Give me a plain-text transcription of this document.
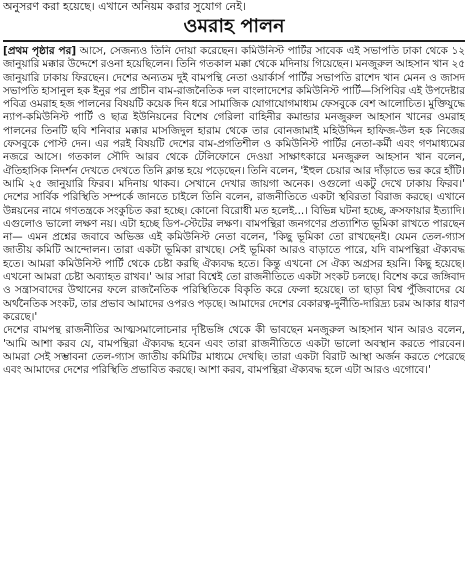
অনুসরণ করা হয়েছে। এখানে অনিয়ম করার সুযোগ নেই।
ওমরাহ পালন

[প্রথম পৃষ্ঠার পর] আসে, সেজন্যও তিনি দোয়া করেছেন। কমিউনিস্ট পার্টির সাবেক এই সভাপতি ঢাকা থেকে ১২ জানুয়ারি মক্কার উদ্দেশে রওনা হয়েছিলেন। তিনি গতকাল মক্কা থেকে মদিনায় গিয়েছেন। মনজুরুল আহসান খান ২৫ জানুয়ারি ঢাকায় ফিরছেন। দেশের অন্যতম দুই বামপন্থি নেতা ওয়ার্কার্স পার্টির সভাপতি রাশেদ খান মেনন ও জাসদ সভাপতি হাসানুল হক ইনুর পর প্রাচীন বাম-রাজনৈতিক দল বাংলাদেশের কমিউনিস্ট পার্টি—সিপিবির এই উপদেষ্টার পবিত্র ওমরাহ হজ পালনের বিষয়টি কয়েক দিন ধরে সামাজিক যোগাযোগমাধ্যম ফেসবুকে বেশ আলোচিত। মুক্তিযুদ্ধে ন্যাপ-কমিউনিস্ট পার্টি ও ছাত্র ইউনিয়নের বিশেষ গেরিলা বাহিনীর কমান্ডার মনজুরুল আহসান খানের ওমরাহ পালনের তিনটি ছবি শনিবার মক্কার মাসজিদুল হারাম থেকে তার বোনজামাই মহিউদ্দিন হাফিজ-উল হক নিজের ফেসবুকে পোস্ট দেন। এর পরই বিষয়টি দেশের বাম-প্রগতিশীল ও কমিউনিস্ট পার্টির নেতা-কর্মী এবং গণমাধ্যমের নজরে আসে। গতকাল সৌদি আরব থেকে টেলিফোনে দেওয়া সাক্ষাৎকারে মনজুরুল আহসান খান বলেন, ঐতিহাসিক নিদর্শন দেখতে দেখতে তিনি ক্লান্ত হয়ে পড়েছেন। তিনি বলেন, 'ইহুল চেয়ার আর দাঁড়াতে ভর করে হাঁটি। আমি ২৫ জানুয়ারি ফিরব। মদিনায় থাকব। সেখানে দেখার জায়গা অনেক। ওগুলো একটু দেখে ঢাকায় ফিরব।' দেশের সার্বিক পরিস্থিতি সম্পর্কে জানতে চাইলে তিনি বলেন, রাজনীতিতে একটা স্থবিরতা বিরাজ করছে। এখানে উন্নয়নের নামে গণতন্ত্রকে সংকুচিত করা হচ্ছে। কোনো বিরোধী মত হলেই...। বিভিন্ন ঘটনা হচ্ছে, ক্রসফায়ার ইত্যাদি। এগুলোও ভালো লক্ষণ নয়। এটা হচ্ছে ডিপ-স্টেটের লক্ষণ। বামপন্থিরা জনগণের প্রত্যাশিত ভূমিকা রাখতে পারছেন না— এমন প্রশ্নের জবাবে অভিজ্ঞ এই কমিউনিস্ট নেতা বলেন, 'কিছু ভূমিকা তো রাখছেনই। যেমন তেল-গ্যাস জাতীয় কমিটি আন্দোলন। তারা একটা ভূমিকা রাখছে। সেই ভূমিকা আরও বাড়াতে পারে, যদি বামপন্থিরা ঐক্যবদ্ধ হতে। আমরা কমিউনিস্ট পার্টি থেকে চেষ্টা করছি ঐক্যবদ্ধ হতে। কিন্তু এখনো সে ঐক্য অগ্রসর হয়নি। কিছু হয়েছে। এখনো আমরা চেষ্টা অব্যাহত রাখব।' আর সারা বিশ্বেই তো রাজনীতিতে একটা সংকট চলছে। বিশেষ করে জঙ্গিবাদ ও সন্ত্রাসবাদের উত্থানের ফলে রাজনৈতিক পরিস্থিতিকে বিকৃতি করে ফেলা হয়েছে। তা ছাড়া বিশ্ব পুঁজিবাদের যে অর্থনৈতিক সংকট, তার প্রভাব আমাদের ওপরও পড়ছে। আমাদের দেশের বেকারত্ব-দুর্নীতি-দারিদ্র্য চরম আকার ধারণ করেছে।'

দেশের বামপন্থ রাজনীতির আত্মসমালোচনার দৃষ্টিভঙ্গি থেকে কী ভাবছেন মনজুরুল আহসান খান আরও বলেন, 'আমি আশা করব যে, বামপন্থিরা ঐক্যবদ্ধ হবেন এবং তারা রাজনীতিতে একটা ভালো অবস্থান করতে পারবেন। আমরা সেই সম্ভাবনা তেল-গ্যাস জাতীয় কমিটির মাধ্যমে দেখছি। তারা একটা বিরাট আস্থা অর্জন করতে পেরেছে এবং আমাদের দেশের পরিস্থিতি প্রভাবিত করছে। আশা করব, বামপন্থিরা ঐক্যবদ্ধ হলে এটা আরও এগোবে।'
